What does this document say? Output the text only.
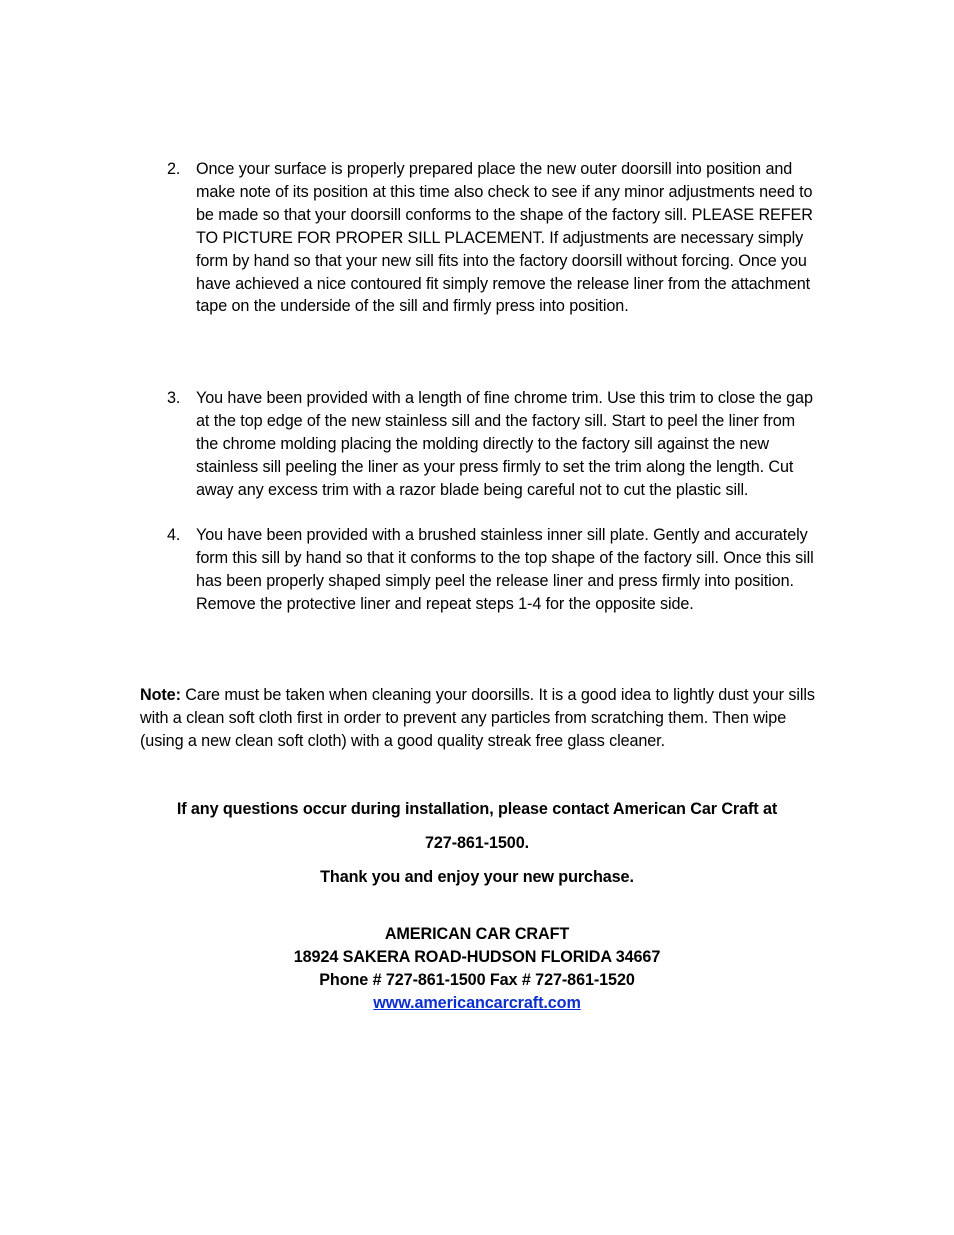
2. Once your surface is properly prepared place the new outer doorsill into position and make note of its position at this time also check to see if any minor adjustments need to be made so that your doorsill conforms to the shape of the factory sill. PLEASE REFER TO PICTURE FOR PROPER SILL PLACEMENT. If adjustments are necessary simply form by hand so that your new sill fits into the factory doorsill without forcing. Once you have achieved a nice contoured fit simply remove the release liner from the attachment tape on the underside of the sill and firmly press into position.
3. You have been provided with a length of fine chrome trim. Use this trim to close the gap at the top edge of the new stainless sill and the factory sill. Start to peel the liner from the chrome molding placing the molding directly to the factory sill against the new stainless sill peeling the liner as your press firmly to set the trim along the length. Cut away any excess trim with a razor blade being careful not to cut the plastic sill.
4. You have been provided with a brushed stainless inner sill plate. Gently and accurately form this sill by hand so that it conforms to the top shape of the factory sill. Once this sill has been properly shaped simply peel the release liner and press firmly into position. Remove the protective liner and repeat steps 1-4 for the opposite side.
Note: Care must be taken when cleaning your doorsills. It is a good idea to lightly dust your sills with a clean soft cloth first in order to prevent any particles from scratching them. Then wipe (using a new clean soft cloth) with a good quality streak free glass cleaner.
If any questions occur during installation, please contact American Car Craft at
727-861-1500.
Thank you and enjoy your new purchase.
AMERICAN CAR CRAFT
18924 SAKERA ROAD-HUDSON FLORIDA 34667
Phone # 727-861-1500 Fax # 727-861-1520
www.americancarcraft.com
